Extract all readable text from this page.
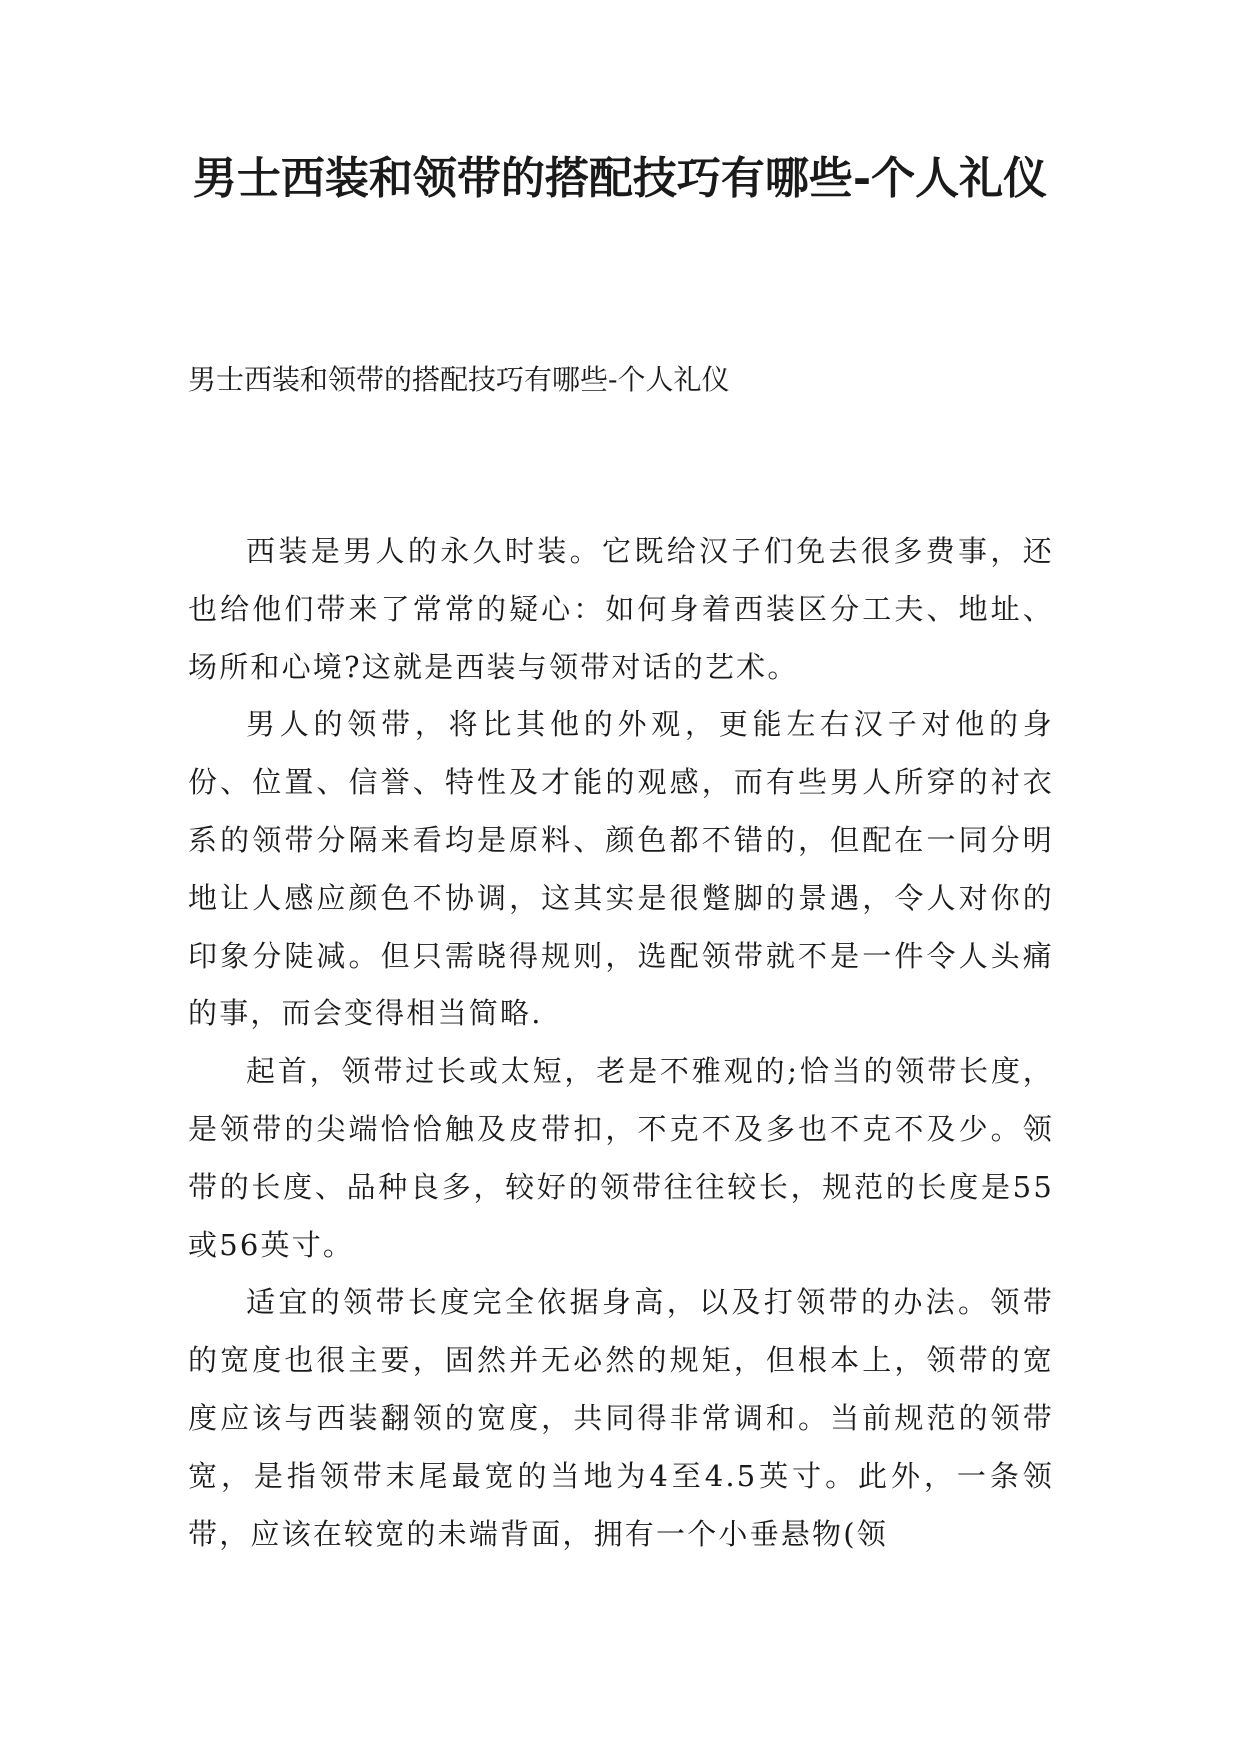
男士西装和领带的搭配技巧有哪些-个人礼仪

男士西装和领带的搭配技巧有哪些-个人礼仪

西装是男人的永久时装。它既给汉子们免去很多费事，还也给他们带来了常常的疑心：如何身着西装区分工夫、地址、场所和心境?这就是西装与领带对话的艺术。

男人的领带，将比其他的外观，更能左右汉子对他的身份、位置、信誉、特性及才能的观感，而有些男人所穿的衬衣系的领带分隔来看均是原料、颜色都不错的，但配在一同分明地让人感应颜色不协调，这其实是很蹩脚的景遇，令人对你的印象分陡减。但只需晓得规则，选配领带就不是一件令人头痛的事，而会变得相当简略.

起首，领带过长或太短，老是不雅观的;恰当的领带长度，是领带的尖端恰恰触及皮带扣，不克不及多也不克不及少。领带的长度、品种良多，较好的领带往往较长，规范的长度是55或56英寸。

适宜的领带长度完全依据身高，以及打领带的办法。领带的宽度也很主要，固然并无必然的规矩，但根本上，领带的宽度应该与西装翻领的宽度，共同得非常调和。当前规范的领带宽，是指领带末尾最宽的当地为4至4.5英寸。此外，一条领带，应该在较宽的未端背面，拥有一个小垂悬物(领
